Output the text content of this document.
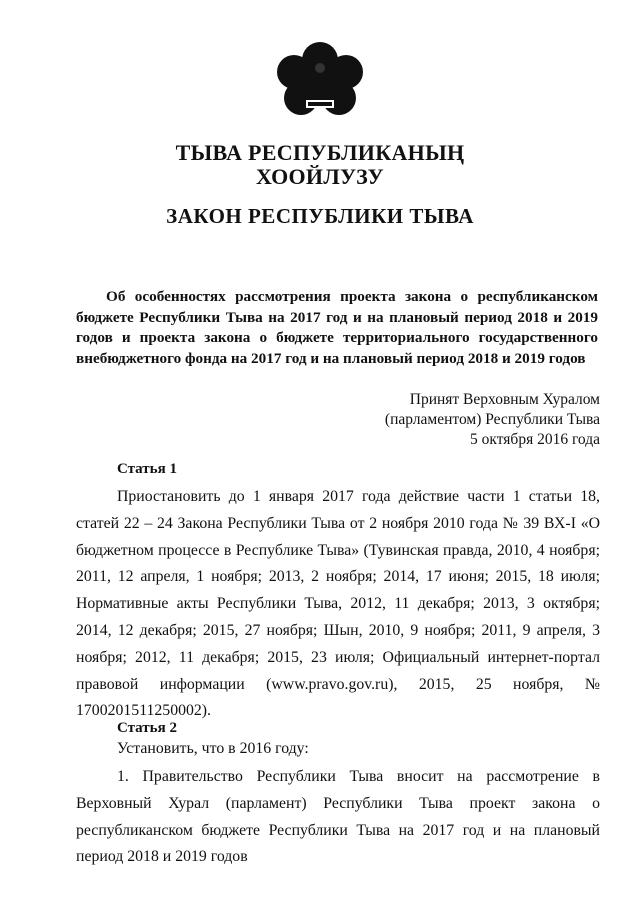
ТЫВА РЕСПУБЛИКАНЫҢ
ХООЙЛУЗУ
ЗАКОН РЕСПУБЛИКИ ТЫВА
Об особенностях рассмотрения проекта закона о республиканском бюджете Республики Тыва на 2017 год и на плановый период 2018 и 2019 годов и проекта закона о бюджете территориального государственного внебюджетного фонда на 2017 год и на плановый период 2018 и 2019 годов
Принят Верховным Хуралом
(парламентом) Республики Тыва
5 октября 2016 года
Статья 1
Приостановить до 1 января 2017 года действие части 1 статьи 18, статей 22 – 24 Закона Республики Тыва от 2 ноября 2010 года № 39 ВХ-I «О бюджетном процессе в Республике Тыва» (Тувинская правда, 2010, 4 ноября; 2011, 12 апреля, 1 ноября; 2013, 2 ноября; 2014, 17 июня; 2015, 18 июля; Нормативные акты Республики Тыва, 2012, 11 декабря; 2013, 3 октября; 2014, 12 декабря; 2015, 27 ноября; Шын, 2010, 9 ноября; 2011, 9 апреля, 3 ноября; 2012, 11 декабря; 2015, 23 июля; Официальный интернет-портал правовой информации (www.pravo.gov.ru), 2015, 25 ноября, № 1700201511250002).
Статья 2
Установить, что в 2016 году:
1. Правительство Республики Тыва вносит на рассмотрение в Верховный Хурал (парламент) Республики Тыва проект закона о республиканском бюджете Республики Тыва на 2017 год и на плановый период 2018 и 2019 годов
